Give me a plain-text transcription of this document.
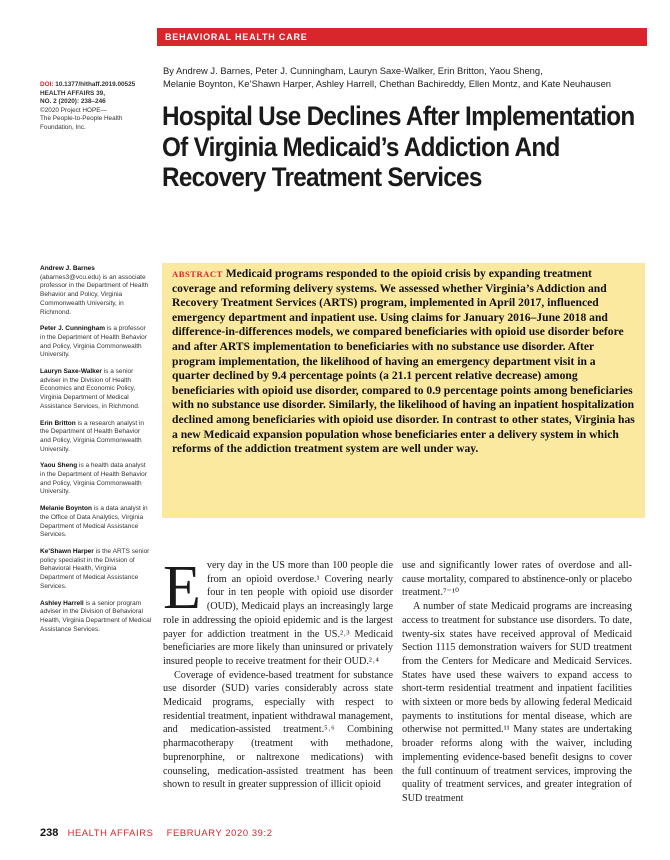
BEHAVIORAL HEALTH CARE
By Andrew J. Barnes, Peter J. Cunningham, Lauryn Saxe-Walker, Erin Britton, Yaou Sheng,
Melanie Boynton, Ke’Shawn Harper, Ashley Harrell, Chethan Bachireddy, Ellen Montz, and Kate Neuhausen
DOI: 10.1377/hlthaff.2019.00525
HEALTH AFFAIRS 39,
NO. 2 (2020): 238–246
©2020 Project HOPE—
The People-to-People Health
Foundation, Inc.	Hospital Use Declines After Implementation Of Virginia Medicaid’s Addiction And Recovery Treatment Services

Andrew J. Barnes (abarnes3@vcu.edu) is an associate professor in the Department of Health Behavior and Policy, Virginia Commonwealth University, in Richmond.

Peter J. Cunningham is a professor in the Department of Health Behavior and Policy, Virginia Commonwealth University.

Lauryn Saxe-Walker is a senior adviser in the Division of Health Economics and Economic Policy, Virginia Department of Medical Assistance Services, in Richmond.

Erin Britton is a research analyst in the Department of Health Behavior and Policy, Virginia Commonwealth University.

Yaou Sheng is a health data analyst in the Department of Health Behavior and Policy, Virginia Commonwealth University.

Melanie Boynton is a data analyst in the Office of Data Analytics, Virginia Department of Medical Assistance Services.

Ke’Shawn Harper is the ARTS senior policy specialist in the Division of Behavioral Health, Virginia Department of Medical Assistance Services.

Ashley Harrell is a senior program adviser in the Division of Behavioral Health, Virginia Department of Medical Assistance Services.

ABSTRACT Medicaid programs responded to the opioid crisis by expanding treatment coverage and reforming delivery systems. We assessed whether Virginia’s Addiction and Recovery Treatment Services (ARTS) program, implemented in April 2017, influenced emergency department and inpatient use. Using claims for January 2016–June 2018 and difference-in-differences models, we compared beneficiaries with opioid use disorder before and after ARTS implementation to beneficiaries with no substance use disorder. After program implementation, the likelihood of having an emergency department visit in a quarter declined by 9.4 percentage points (a 21.1 percent relative decrease) among beneficiaries with opioid use disorder, compared to 0.9 percentage points among beneficiaries with no substance use disorder. Similarly, the likelihood of having an inpatient hospitalization declined among beneficiaries with opioid use disorder. In contrast to other states, Virginia has a new Medicaid expansion population whose beneficiaries enter a delivery system in which reforms of the addiction treatment system are well under way.
E very day in the US more than 100 people die from an opioid overdose.¹ Covering nearly four in ten people with opioid use disorder (OUD), Medicaid plays an increasingly large role in addressing the opioid epidemic and is the largest payer for addiction treatment in the US.²˒³ Medicaid beneficiaries are more likely than uninsured or privately insured people to receive treatment for their OUD.²˒⁴

Coverage of evidence-based treatment for substance use disorder (SUD) varies considerably across state Medicaid programs, especially with respect to residential treatment, inpatient withdrawal management, and medication-assisted treatment.⁵˒⁶ Combining pharmacotherapy (treatment with methadone, buprenorphine, or naltrexone medications) with counseling, medication-assisted treatment has been shown to result in greater suppression of illicit opioid

use and significantly lower rates of overdose and all-cause mortality, compared to abstinence-only or placebo treatment.⁷⁻¹⁰

A number of state Medicaid programs are increasing access to treatment for substance use disorders. To date, twenty-six states have received approval of Medicaid Section 1115 demonstration waivers for SUD treatment from the Centers for Medicare and Medicaid Services. States have used these waivers to expand access to short-term residential treatment and inpatient facilities with sixteen or more beds by allowing federal Medicaid payments to institutions for mental disease, which are otherwise not permitted.¹¹ Many states are undertaking broader reforms along with the waiver, including implementing evidence-based benefit designs to cover the full continuum of treatment services, improving the quality of treatment services, and greater integration of SUD treatment

238 HEALTH AFFAIRS FEBRUARY 2020 39:2
